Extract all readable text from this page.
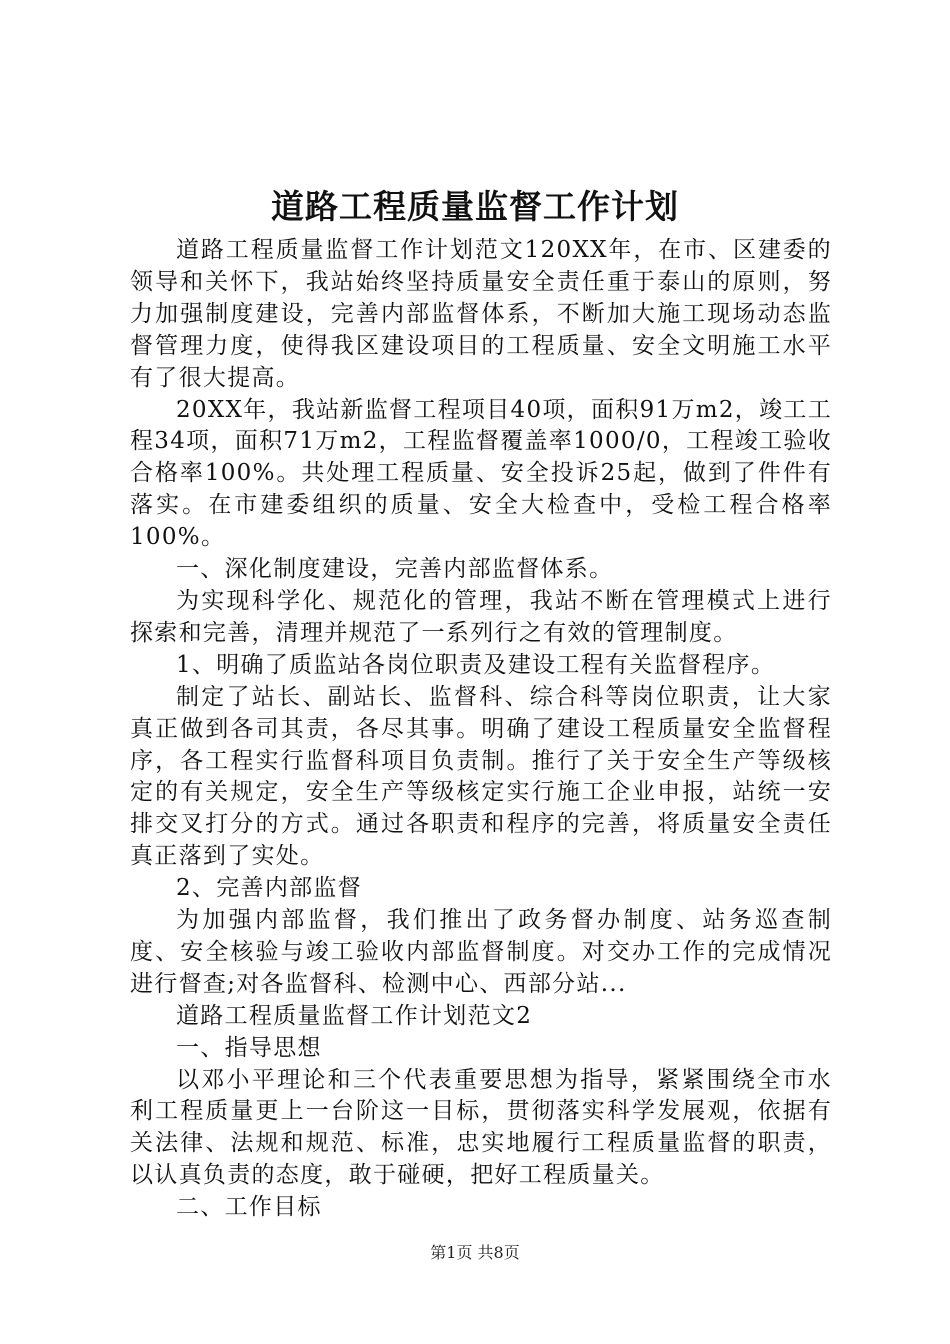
道路工程质量监督工作计划

道路工程质量监督工作计划范文120XX年，在市、区建委的领导和关怀下，我站始终坚持质量安全责任重于泰山的原则，努力加强制度建设，完善内部监督体系，不断加大施工现场动态监督管理力度，使得我区建设项目的工程质量、安全文明施工水平有了很大提高。

20XX年，我站新监督工程项目40项，面积91万m2，竣工工程34项，面积71万m2，工程监督覆盖率1000/0，工程竣工验收合格率100%。共处理工程质量、安全投诉25起，做到了件件有落实。在市建委组织的质量、安全大检查中，受检工程合格率100%。

一、深化制度建设，完善内部监督体系。

为实现科学化、规范化的管理，我站不断在管理模式上进行探索和完善，清理并规范了一系列行之有效的管理制度。

1、明确了质监站各岗位职责及建设工程有关监督程序。

制定了站长、副站长、监督科、综合科等岗位职责，让大家真正做到各司其责，各尽其事。明确了建设工程质量安全监督程序，各工程实行监督科项目负责制。推行了关于安全生产等级核定的有关规定，安全生产等级核定实行施工企业申报，站统一安排交叉打分的方式。通过各职责和程序的完善，将质量安全责任真正落到了实处。

2、完善内部监督

为加强内部监督，我们推出了政务督办制度、站务巡查制度、安全核验与竣工验收内部监督制度。对交办工作的完成情况进行督查;对各监督科、检测中心、西部分站...

道路工程质量监督工作计划范文2

一、指导思想

以邓小平理论和三个代表重要思想为指导，紧紧围绕全市水利工程质量更上一台阶这一目标，贯彻落实科学发展观，依据有关法律、法规和规范、标准，忠实地履行工程质量监督的职责，以认真负责的态度，敢于碰硬，把好工程质量关。

二、工作目标

第1页 共8页
